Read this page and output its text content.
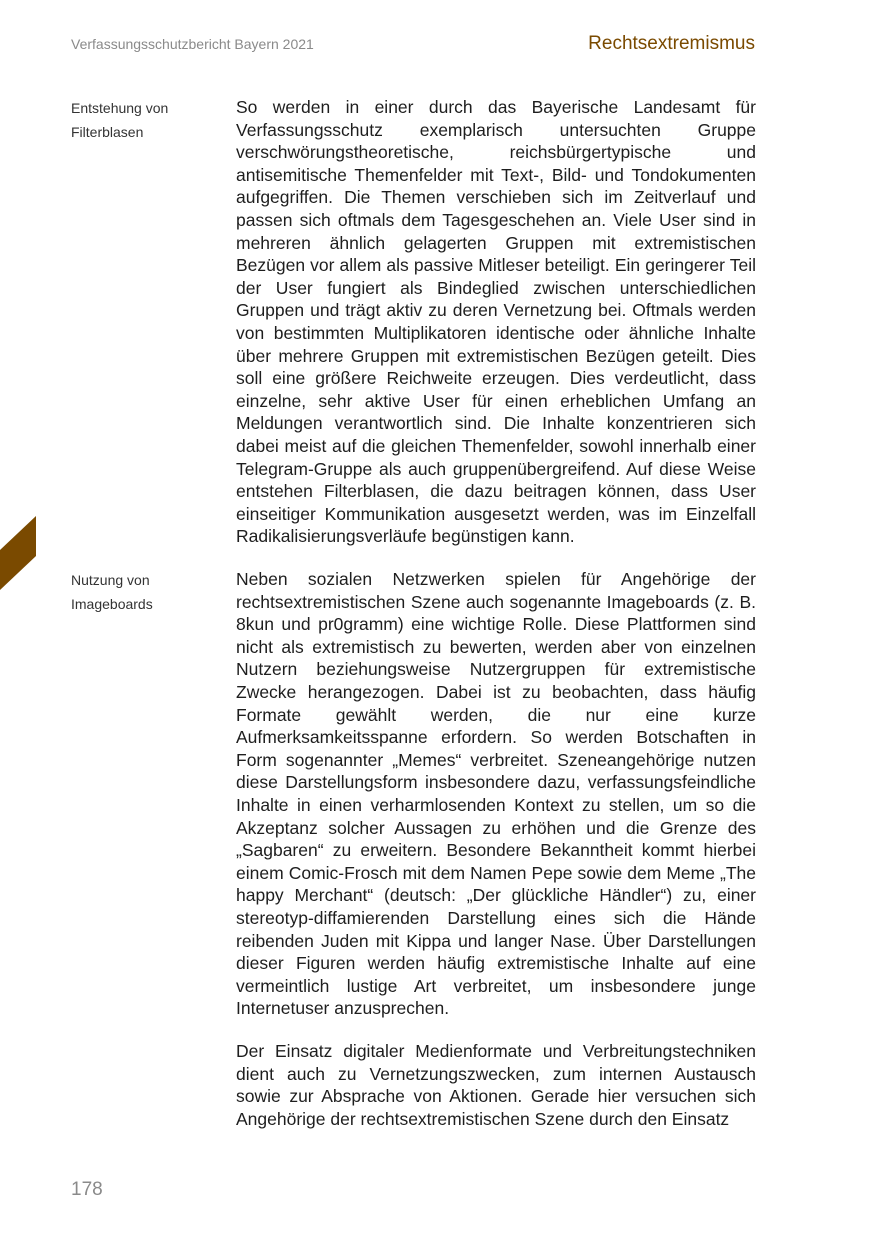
Verfassungsschutzbericht Bayern 2021	Rechtsextremismus
Entstehung von Filterblasen
So werden in einer durch das Bayerische Landesamt für Verfassungsschutz exemplarisch untersuchten Gruppe verschwörungstheoretische, reichsbürgertypische und antisemitische Themenfelder mit Text-, Bild- und Tondokumenten aufgegriffen. Die Themen verschieben sich im Zeitverlauf und passen sich oftmals dem Tagesgeschehen an. Viele User sind in mehreren ähnlich gelagerten Gruppen mit extremistischen Bezügen vor allem als passive Mitleser beteiligt. Ein geringerer Teil der User fungiert als Bindeglied zwischen unterschiedlichen Gruppen und trägt aktiv zu deren Vernetzung bei. Oftmals werden von bestimmten Multiplikatoren identische oder ähnliche Inhalte über mehrere Gruppen mit extremistischen Bezügen geteilt. Dies soll eine größere Reichweite erzeugen. Dies verdeutlicht, dass einzelne, sehr aktive User für einen erheblichen Umfang an Meldungen verantwortlich sind. Die Inhalte konzentrieren sich dabei meist auf die gleichen Themenfelder, sowohl innerhalb einer Telegram-Gruppe als auch gruppenübergreifend. Auf diese Weise entstehen Filterblasen, die dazu beitragen können, dass User einseitiger Kommunikation ausgesetzt werden, was im Einzelfall Radikalisierungsverläufe begünstigen kann.
Nutzung von Imageboards
Neben sozialen Netzwerken spielen für Angehörige der rechtsextremistischen Szene auch sogenannte Imageboards (z. B. 8kun und pr0gramm) eine wichtige Rolle. Diese Plattformen sind nicht als extremistisch zu bewerten, werden aber von einzelnen Nutzern beziehungsweise Nutzergruppen für extremistische Zwecke herangezogen. Dabei ist zu beobachten, dass häufig Formate gewählt werden, die nur eine kurze Aufmerksamkeitsspanne erfordern. So werden Botschaften in Form sogenannter „Memes“ verbreitet. Szeneangehörige nutzen diese Darstellungsform insbesondere dazu, verfassungsfeindliche Inhalte in einen verharmlosenden Kontext zu stellen, um so die Akzeptanz solcher Aussagen zu erhöhen und die Grenze des „Sagbaren“ zu erweitern. Besondere Bekanntheit kommt hierbei einem Comic-Frosch mit dem Namen Pepe sowie dem Meme „The happy Merchant“ (deutsch: „Der glückliche Händler“) zu, einer stereotyp-diffamierenden Darstellung eines sich die Hände reibenden Juden mit Kippa und langer Nase. Über Darstellungen dieser Figuren werden häufig extremistische Inhalte auf eine vermeintlich lustige Art verbreitet, um insbesondere junge Internetuser anzusprechen.
Der Einsatz digitaler Medienformate und Verbreitungstechniken dient auch zu Vernetzungszwecken, zum internen Austausch sowie zur Absprache von Aktionen. Gerade hier versuchen sich Angehörige der rechtsextremistischen Szene durch den Einsatz
178
